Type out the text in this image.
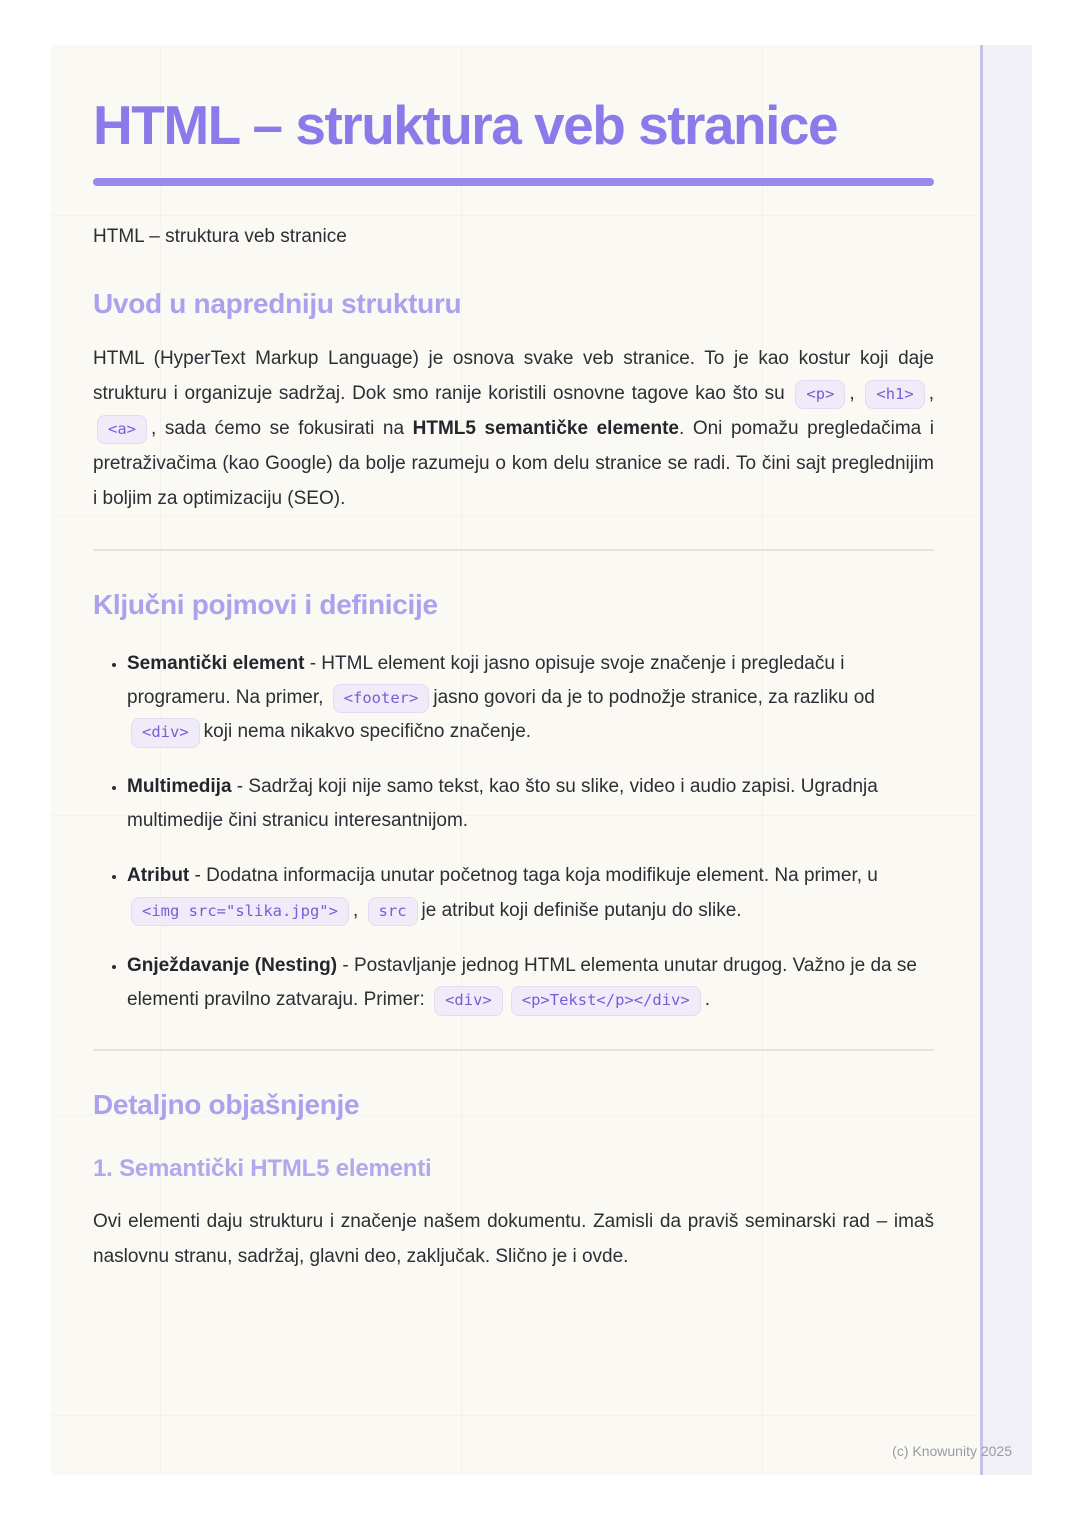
HTML – struktura veb stranice

HTML – struktura veb stranice

Uvod u napredniju strukturu

HTML (HyperText Markup Language) je osnova svake veb stranice. To je kao kostur koji daje strukturu i organizuje sadržaj. Dok smo ranije koristili osnovne tagove kao što su <p> , <h1> , <a> , sada ćemo se fokusirati na HTML5 semantičke elemente. Oni pomažu pregledačima i pretraživačima (kao Google) da bolje razumeju o kom delu stranice se radi. To čini sajt preglednijim i boljim za optimizaciju (SEO).

Ključni pojmovi i definicije
• Semantički element - HTML element koji jasno opisuje svoje značenje i pregledaču i programeru. Na primer, <footer> jasno govori da je to podnožje stranice, za razliku od <div> koji nema nikakvo specifično značenje.
• Multimedija - Sadržaj koji nije samo tekst, kao što su slike, video i audio zapisi. Ugradnja multimedije čini stranicu interesantnijom.
• Atribut - Dodatna informacija unutar početnog taga koja modifikuje element. Na primer, u <img src="slika.jpg"> , src je atribut koji definiše putanju do slike.
• Gnježdavanje (Nesting) - Postavljanje jednog HTML elementa unutar drugog. Važno je da se elementi pravilno zatvaraju. Primer: <div> <p>Tekst</p></div> .
Detaljno objašnjenje
1. Semantički HTML5 elementi

Ovi elementi daju strukturu i značenje našem dokumentu. Zamisli da praviš seminarski rad – imaš naslovnu stranu, sadržaj, glavni deo, zaključak. Slično je i ovde.

(c) Knowunity 2025
